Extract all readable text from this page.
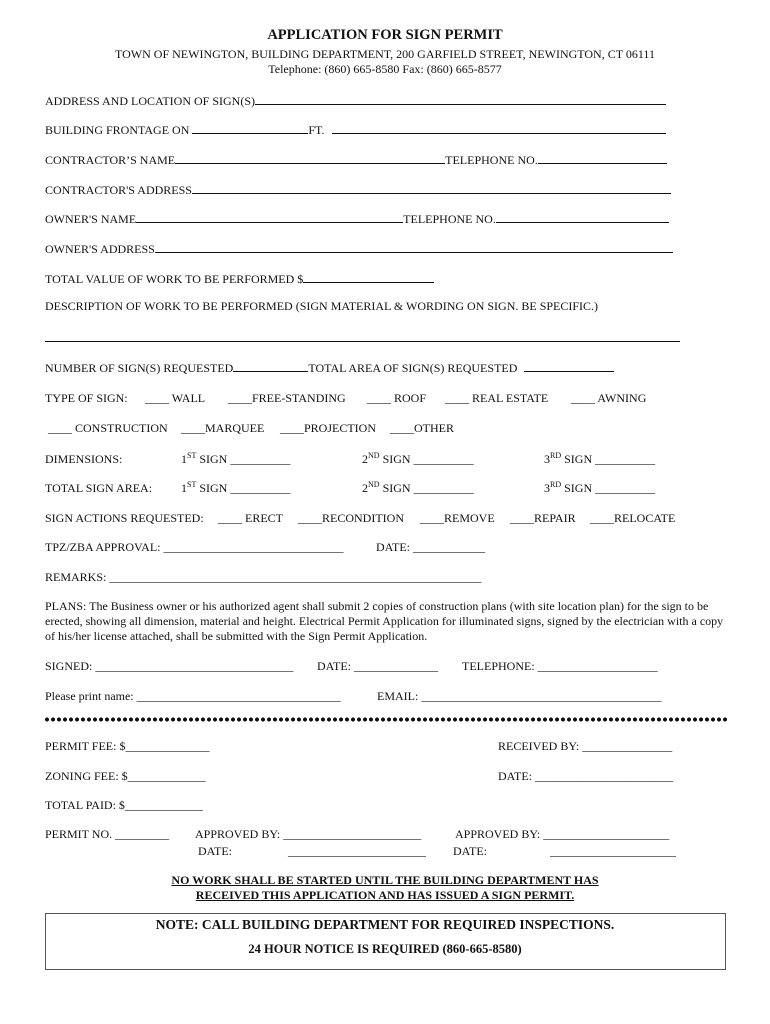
APPLICATION FOR SIGN PERMIT
TOWN OF NEWINGTON, BUILDING DEPARTMENT, 200 GARFIELD STREET, NEWINGTON, CT 06111
Telephone: (860) 665-8580 Fax: (860) 665-8577
ADDRESS AND LOCATION OF SIGN(S)
BUILDING FRONTAGE ON	FT.
CONTRACTOR’S NAME	TELEPHONE NO.
CONTRACTOR'S ADDRESS
OWNER'S NAME	TELEPHONE NO.
OWNER'S ADDRESS
TOTAL VALUE OF WORK TO BE PERFORMED $
DESCRIPTION OF WORK TO BE PERFORMED (SIGN MATERIAL & WORDING ON SIGN. BE SPECIFIC.)
NUMBER OF SIGN(S) REQUESTED	TOTAL AREA OF SIGN(S) REQUESTED
TYPE OF SIGN: ____ WALL ____FREE-STANDING ____ ROOF ____ REAL ESTATE ____ AWNING
____ CONSTRUCTION ____MARQUEE ____PROJECTION ____OTHER
DIMENSIONS:	1ST SIGN __________	2ND SIGN __________	3RD SIGN __________
TOTAL SIGN AREA: 1ST SIGN __________	2ND SIGN __________	3RD SIGN __________
SIGN ACTIONS REQUESTED: ____ ERECT ____RECONDITION ____REMOVE ____REPAIR ____RELOCATE
TPZ/ZBA APPROVAL: ______________________________	DATE: ____________
REMARKS: ______________________________________________________________
PLANS: The Business owner or his authorized agent shall submit 2 copies of construction plans (with site location plan) for the sign to be erected, showing all dimension, material and height. Electrical Permit Application for illuminated signs, signed by the electrician with a copy of his/her license attached, shall be submitted with the Sign Permit Application.
SIGNED: _________________________________ DATE: ______________ TELEPHONE: ____________________
Please print name: __________________________________	EMAIL: ________________________________________
PERMIT FEE: $______________	RECEIVED BY: _______________
ZONING FEE: $_____________	DATE: _______________________
TOTAL PAID: $_____________
PERMIT NO. _________ APPROVED BY: _______________________	APPROVED BY: _____________________
DATE:	_______________________ DATE:	_____________________
NO WORK SHALL BE STARTED UNTIL THE BUILDING DEPARTMENT HAS
RECEIVED THIS APPLICATION AND HAS ISSUED A SIGN PERMIT.
NOTE: CALL BUILDING DEPARTMENT FOR REQUIRED INSPECTIONS.
24 HOUR NOTICE IS REQUIRED (860-665-8580)
